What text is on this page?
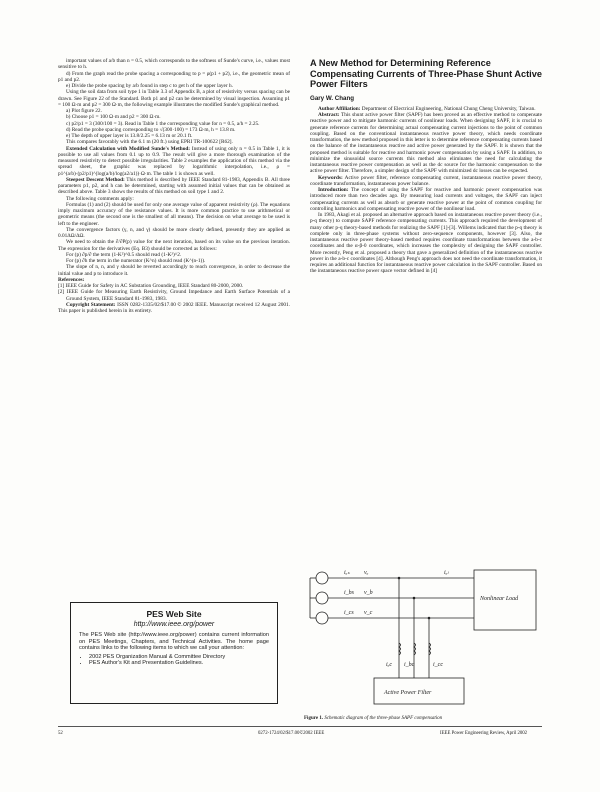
important values of a/b than n = 0.5, which corresponds to the softness of Sunde's curve, i.e., values most sensitive to h.

d) From the graph read the probe spacing a corresponding to p = ρ(p1 + p2), i.e., the geometric mean of p1 and p2.

e) Divide the probe spacing by a/b found in step c to get h of the upper layer h.

Using the soil data from soil type 1 in Table 3.3 of Appendix B, a plot of resistivity versus spacing can be drawn. See Figure 22 of the Standard. Both p1 and p2 can be determined by visual inspection. Assuming p1 = 100 Ω·m and p2 = 300 Ω·m, the following example illustrates the modified Sunde's graphical method.

a) Plot figure 22.

b) Choose p1 = 100 Ω·m and p2 = 300 Ω·m.

c) p2/p1 = 3 (300/100 = 3). Read in Table 1 the corresponding value for n = 0.5, a/h = 2.25.

d) Read the probe spacing corresponding to √(300·100) = 173 Ω·m, h = 13.8 m.

e) The depth of upper layer is 13.8/2.25 = 6.13 m or 20.1 ft.

This compares favorably with the 6.1 m (20 ft.) using EPRI TR-100622 [R62].

Extended Calculation with Modified Sunde's Method: Instead of using only n = 0.5 in Table 1, it is possible to use all values from 0.1 up to 0.9. The result will give a more thorough examination of the measured resistivity to detect possible irregularities. Table 2 examples the application of this method via the spread sheet, the graphic was replaced by logarithmic interpolation, i.e., ρ = p1^(a/b)·(p2/p1)^(log(a/b)/log(a2/a1))·Ω·m. The table 1 is shown as well.

Steepest Descent Method: This method is described by IEEE Standard 81-1983, Appendix B. All three parameters p1, p2, and h can be determined, starting with assumed initial values that can be obtained as described above. Table 3 shows the results of this method on soil type 1 and 2.

The following comments apply:

Formulas (1) and (2) should be used for only one average value of apparent resistivity (ρ). The equations imply maximum accuracy of the resistance values. It is more common practice to use arithmetical or geometric means (the second one is the smallest of all means). The decision on what average to be used is left to the engineer.

The convergence factors (γ, n, and γ) should be more clearly defined, presently they are applied as 0.01ΔΩ/ΔΩ.

We need to obtain the ∂/∂P(p) value for the next iteration, based on its value on the previous iteration. The expression for the derivatives (Eq. B3) should be corrected as follows:

For (p) ∂p/∂ the term (1-K²)^0.5 should read (1-K²)^2.

For (p) ∂h the term in the numerator (K^n) should read (K^(n-1)).

The slope of n, n, and γ should be reverted accordingly to reach convergence, in order to decrease the initial value and p to introduce it.

References:

[1] IEEE Guide for Safety in AC Substation Grounding, IEEE Standard 80-2000, 2000.

[2] IEEE Guide for Measuring Earth Resistivity, Ground Impedance and Earth Surface Potentials of a Ground System, IEEE Standard 81-1983, 1983.

Copyright Statement: ISSN 0282-1335/02/$17.00 © 2002 IEEE. Manuscript received 12 August 2001. This paper is published herein in its entirety.

PES Web Site
http://www.ieee.org/power
The PES Web site (http://www.ieee.org/power) contains current information on PES Meetings, Chapters, and Technical Activities. The home page contains links to the following items to which we call your attention:
• 2002 PES Organization Manual & Committee Directory
• PES Author's Kit and Presentation Guidelines.
A New Method for Determining Reference Compensating Currents of Three-Phase Shunt Active Power Filters
Gary W. Chang

Author Affiliation: Department of Electrical Engineering, National Chung Cheng University, Taiwan.

Abstract: This shunt active power filter (SAPF) has been proved as an effective method to compensate reactive power and to mitigate harmonic currents of nonlinear loads. When designing SAPF, it is crucial to generate reference currents for determining actual compensating current injections to the point of common coupling. Based on the conventional instantaneous reactive power theory, which needs coordinate transformation, the new method proposed in this letter is to determine reference compensating currents based on the balance of the instantaneous reactive and active power generated by the SAPF. It is shown that the proposed method is suitable for reactive and harmonic power compensation by using a SAPF. In addition, to minimize the sinusoidal source currents this method also eliminates the need for calculating the instantaneous reactive power compensation as well as the dc source for the harmonic compensation to the active power filter. Therefore, a simpler design of the SAPF with minimized dc losses can be expected.

Keywords: Active power filter, reference compensating current, instantaneous reactive power theory, coordinate transformation, instantaneous power balance.

Introduction: The concept of using the SAPF for reactive and harmonic power compensation was introduced more than two decades ago. By measuring load currents and voltages, the SAPF can inject compensating currents as well as absorb or generate reactive power at the point of common coupling for controlling harmonics and compensating reactive power of the nonlinear load.

In 1983, Akagi et al. proposed an alternative approach based on instantaneous reactive power theory (i.e., p-q theory) to compute SAPF reference compensating currents. This approach required the development of many other p-q theory-based methods for realizing the SAPF [1]-[3]. Willems indicated that the p-q theory is complete only in three-phase systems without zero-sequence components, however [3]. Also, the instantaneous reactive power theory-based method requires coordinate transformations between the a-b-c coordinates and the α-β-0 coordinates, which increases the complexity of designing the SAPF controller. More recently, Peng et al. proposed a theory that gave a generalized definition of the instantaneous reactive power in the a-b-c coordinates [4]. Although Peng's approach does not need the coordinate transformation, it requires an additional function for instantaneous reactive power calculation in the SAPF controller. Based on the instantaneous reactive power space vector defined in [4]

iₐₛ
i_bs
i_cs
iₐₗ
vₐ
v_b
v_c
iₐc i_bc	i_cc
Nonlinear Load
Active Power Filter
Figure 1. Schematic diagram of the three-phase SAPF compensation
52	0272-1724/02/$17.00©2002 IEEE	IEEE Power Engineering Review, April 2002
